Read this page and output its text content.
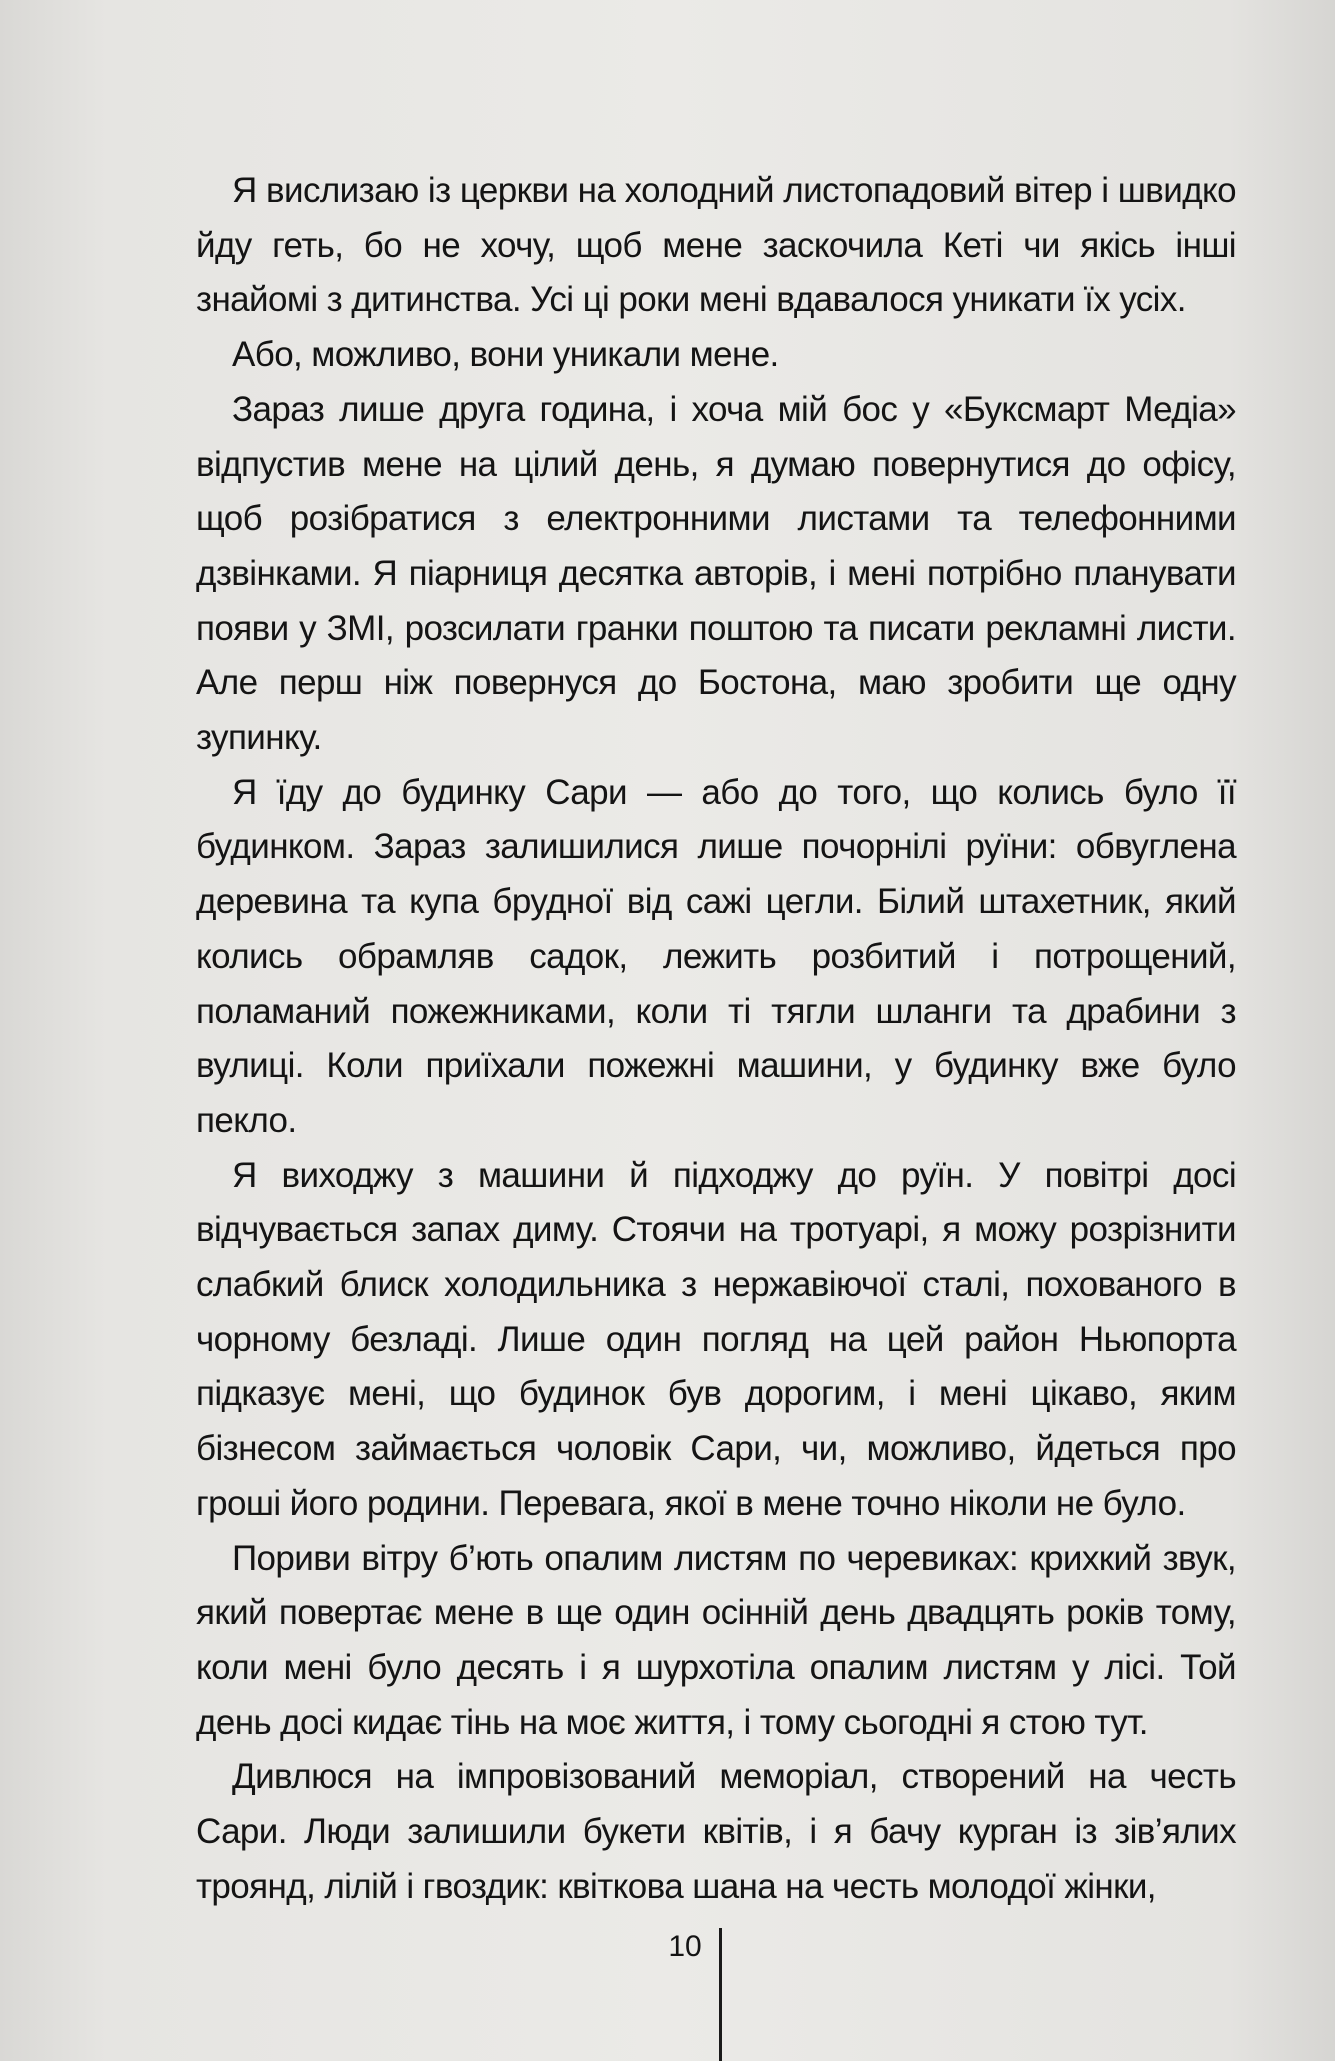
Я вислизаю із церкви на холодний листопадовий вітер і швидко йду геть, бо не хочу, щоб мене заскочила Кеті чи якісь інші знайомі з дитинства. Усі ці роки мені вдавалося уникати їх усіх.

Або, можливо, вони уникали мене.

Зараз лише друга година, і хоча мій бос у «Буксмарт Медіа» відпустив мене на цілий день, я думаю повернутися до офісу, щоб розібратися з електронними листами та телефонними дзвінками. Я піарниця десятка авторів, і мені потрібно планувати появи у ЗМІ, розсилати гранки поштою та писати рекламні листи. Але перш ніж повернуся до Бостона, маю зробити ще одну зупинку.

Я їду до будинку Сари — або до того, що колись було її будинком. Зараз залишилися лише почорнілі руїни: обвуглена деревина та купа брудної від сажі цегли. Білий штахетник, який колись обрамляв садок, лежить розбитий і потрощений, поламаний пожежниками, коли ті тягли шланги та драбини з вулиці. Коли приїхали пожежні машини, у будинку вже було пекло.

Я виходжу з машини й підходжу до руїн. У повітрі досі відчувається запах диму. Стоячи на тротуарі, я можу розрізнити слабкий блиск холодильника з нержавіючої сталі, похованого в чорному безладі. Лише один погляд на цей район Ньюпорта підказує мені, що будинок був дорогим, і мені цікаво, яким бізнесом займається чоловік Сари, чи, можливо, йдеться про гроші його родини. Перевага, якої в мене точно ніколи не було.

Пориви вітру б’ють опалим листям по черевиках: крихкий звук, який повертає мене в ще один осінній день двадцять років тому, коли мені було десять і я шурхотіла опалим листям у лісі. Той день досі кидає тінь на моє життя, і тому сьогодні я стою тут.

Дивлюся на імпровізований меморіал, створений на честь Сари. Люди залишили букети квітів, і я бачу курган із зів’ялих троянд, лілій і гвоздик: квіткова шана на честь молодої жінки,

10
